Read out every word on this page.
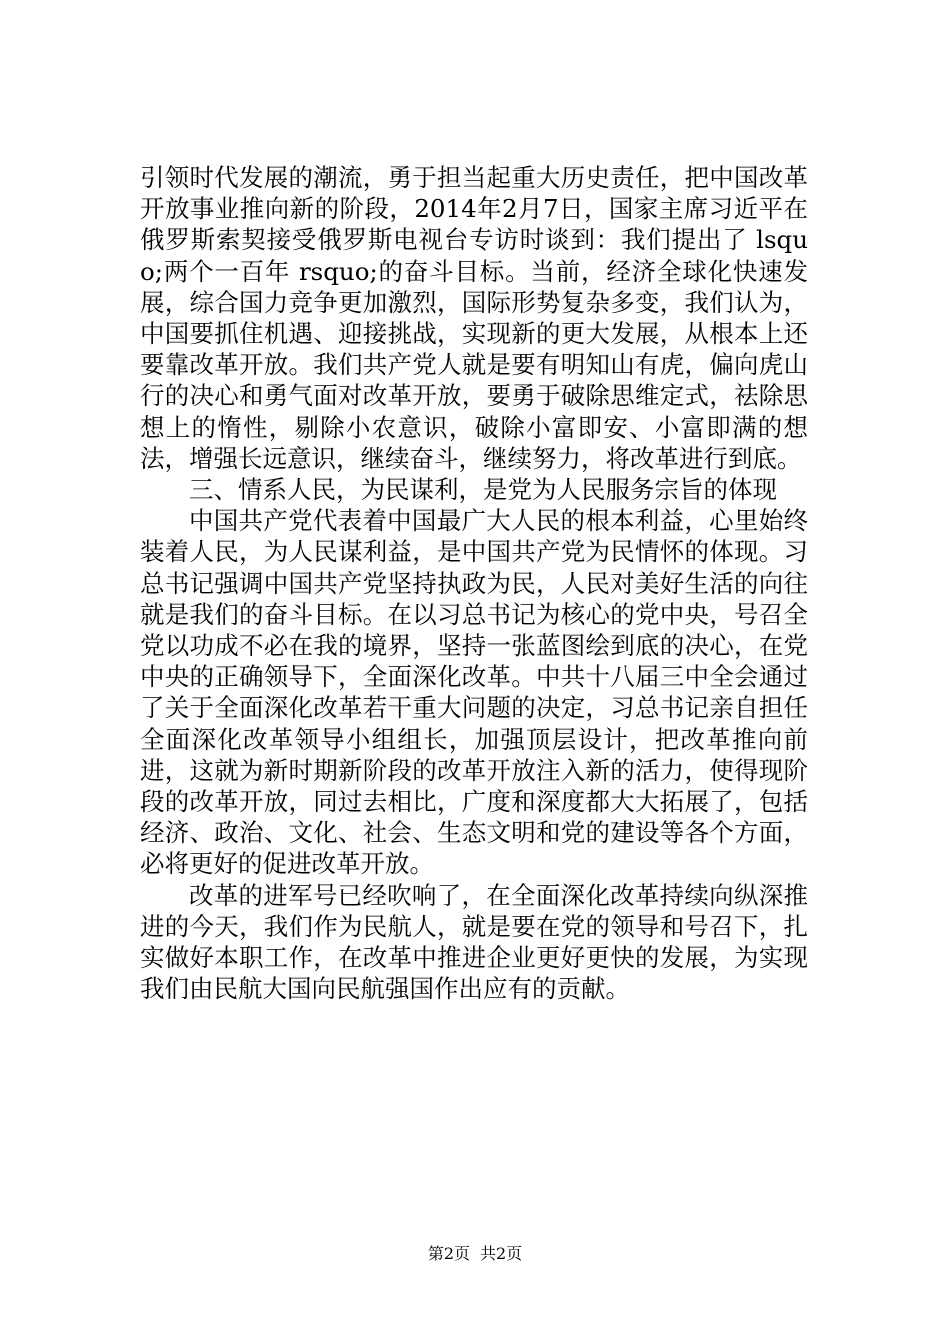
引领时代发展的潮流，勇于担当起重大历史责任，把中国改革开放事业推向新的阶段，2014年2月7日，国家主席习近平在俄罗斯索契接受俄罗斯电视台专访时谈到：我们提出了 lsquo;两个一百年 rsquo;的奋斗目标。当前，经济全球化快速发展，综合国力竞争更加激烈，国际形势复杂多变，我们认为，中国要抓住机遇、迎接挑战，实现新的更大发展，从根本上还要靠改革开放。我们共产党人就是要有明知山有虎，偏向虎山行的决心和勇气面对改革开放，要勇于破除思维定式，祛除思想上的惰性，剔除小农意识，破除小富即安、小富即满的想法，增强长远意识，继续奋斗，继续努力，将改革进行到底。

三、情系人民，为民谋利，是党为人民服务宗旨的体现

中国共产党代表着中国最广大人民的根本利益，心里始终装着人民，为人民谋利益，是中国共产党为民情怀的体现。习总书记强调中国共产党坚持执政为民，人民对美好生活的向往就是我们的奋斗目标。在以习总书记为核心的党中央，号召全党以功成不必在我的境界，坚持一张蓝图绘到底的决心，在党中央的正确领导下，全面深化改革。中共十八届三中全会通过了关于全面深化改革若干重大问题的决定，习总书记亲自担任全面深化改革领导小组组长，加强顶层设计，把改革推向前进，这就为新时期新阶段的改革开放注入新的活力，使得现阶段的改革开放，同过去相比，广度和深度都大大拓展了，包括经济、政治、文化、社会、生态文明和党的建设等各个方面，必将更好的促进改革开放。

改革的进军号已经吹响了，在全面深化改革持续向纵深推进的今天，我们作为民航人，就是要在党的领导和号召下，扎实做好本职工作，在改革中推进企业更好更快的发展，为实现我们由民航大国向民航强国作出应有的贡献。

第2页 共2页
